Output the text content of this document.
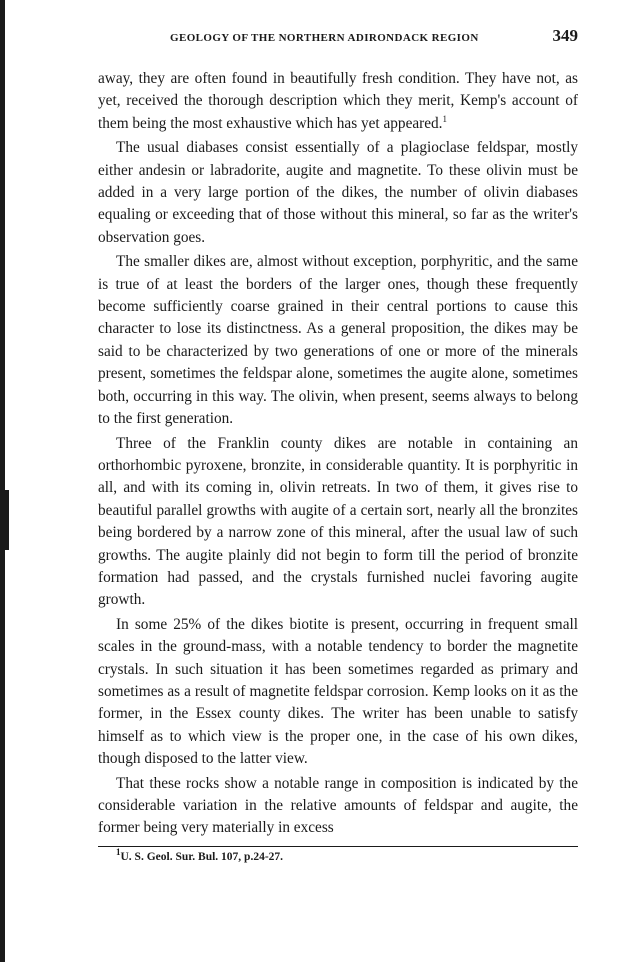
GEOLOGY OF THE NORTHERN ADIRONDACK REGION	349

away, they are often found in beautifully fresh condition. They have not, as yet, received the thorough description which they merit, Kemp's account of them being the most exhaustive which has yet appeared.$^1$

The usual diabases consist essentially of a plagioclase feldspar, mostly either andesin or labradorite, augite and magnetite. To these olivin must be added in a very large portion of the dikes, the number of olivin diabases equaling or exceeding that of those without this mineral, so far as the writer's observation goes.

The smaller dikes are, almost without exception, porphyritic, and the same is true of at least the borders of the larger ones, though these frequently become sufficiently coarse grained in their central portions to cause this character to lose its distinctness. As a general proposition, the dikes may be said to be characterized by two generations of one or more of the minerals present, sometimes the feldspar alone, sometimes the augite alone, sometimes both, occurring in this way. The olivin, when present, seems always to belong to the first generation.

Three of the Franklin county dikes are notable in containing an orthorhombic pyroxene, bronzite, in considerable quantity. It is porphyritic in all, and with its coming in, olivin retreats. In two of them, it gives rise to beautiful parallel growths with augite of a certain sort, nearly all the bronzites being bordered by a narrow zone of this mineral, after the usual law of such growths. The augite plainly did not begin to form till the period of bronzite formation had passed, and the crystals furnished nuclei favoring augite growth.

In some 25% of the dikes biotite is present, occurring in frequent small scales in the ground-mass, with a notable tendency to border the magnetite crystals. In such situation it has been sometimes regarded as primary and sometimes as a result of magnetite feldspar corrosion. Kemp looks on it as the former, in the Essex county dikes. The writer has been unable to satisfy himself as to which view is the proper one, in the case of his own dikes, though disposed to the latter view.

That these rocks show a notable range in composition is indicated by the considerable variation in the relative amounts of feldspar and augite, the former being very materially in excess

$^1$U. S. Geol. Sur. Bul. 107, p.24-27.
